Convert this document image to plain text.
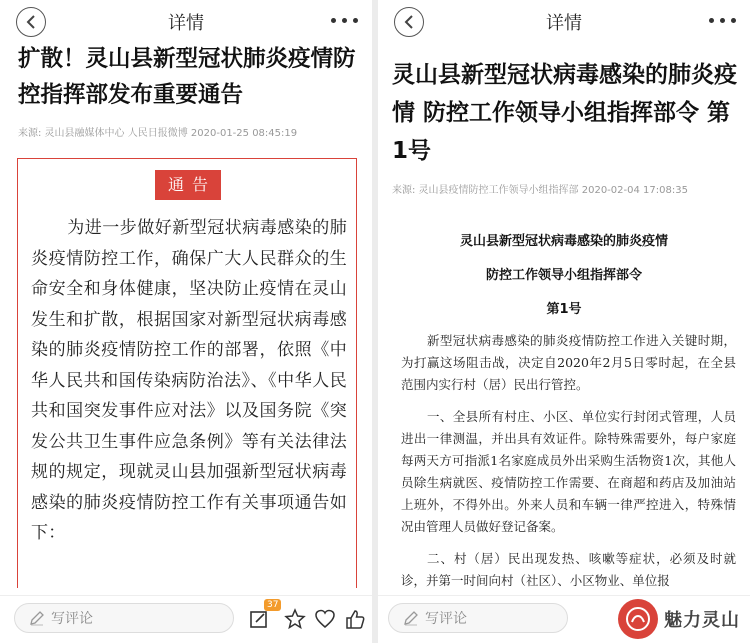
详情
扩散！灵山县新型冠状肺炎疫情防控指挥部发布重要通告
来源: 灵山县融媒体中心 人民日报微博 2020-01-25 08:45:19
通告
为进一步做好新型冠状病毒感染的肺炎疫情防控工作，确保广大人民群众的生命安全和身体健康，坚决防止疫情在灵山发生和扩散，根据国家对新型冠状病毒感染的肺炎疫情防控工作的部署，依照《中华人民共和国传染病防治法》、《中华人民共和国突发事件应对法》以及国务院《突发公共卫生事件应急条例》等有关法律法规的规定，现就灵山县加强新型冠状病毒感染的肺炎疫情防控工作有关事项通告如下：
写评论
37
详情
灵山县新型冠状病毒感染的肺炎疫情 防控工作领导小组指挥部令 第1号
来源: 灵山县疫情防控工作领导小组指挥部 2020-02-04 17:08:35
灵山县新型冠状病毒感染的肺炎疫情
防控工作领导小组指挥部令
第1号

新型冠状病毒感染的肺炎疫情防控工作进入关键时期，为打赢这场阻击战，决定自2020年2月5日零时起，在全县范围内实行村（居）民出行管控。

一、全县所有村庄、小区、单位实行封闭式管理，人员进出一律测温，并出具有效证件。除特殊需要外，每户家庭每两天方可指派1名家庭成员外出采购生活物资1次，其他人员除生病就医、疫情防控工作需要、在商超和药店及加油站上班外，不得外出。外来人员和车辆一律严控进入，特殊情况由管理人员做好登记备案。

二、村（居）民出现发热、咳嗽等症状，必须及时就诊，并第一时间向村（社区）、小区物业、单位报

写评论	魅力灵山
